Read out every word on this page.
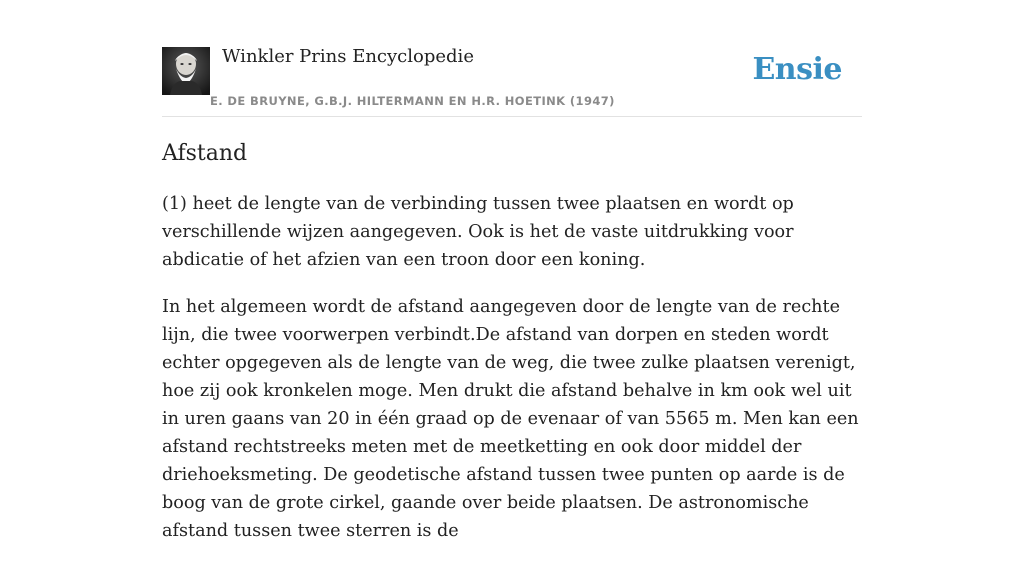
Winkler Prins Encyclopedie
E. DE BRUYNE, G.B.J. HILTERMANN EN H.R. HOETINK (1947)
Ensie
Afstand

(1) heet de lengte van de verbinding tussen twee plaatsen en wordt op verschillende wijzen aangegeven. Ook is het de vaste uitdrukking voor abdicatie of het afzien van een troon door een koning.

In het algemeen wordt de afstand aangegeven door de lengte van de rechte lijn, die twee voorwerpen verbindt.De afstand van dorpen en steden wordt echter opgegeven als de lengte van de weg, die twee zulke plaatsen verenigt, hoe zij ook kronkelen moge. Men drukt die afstand behalve in km ook wel uit in uren gaans van 20 in één graad op de evenaar of van 5565 m. Men kan een afstand rechtstreeks meten met de meetketting en ook door middel der driehoeksmeting. De geodetische afstand tussen twee punten op aarde is de boog van de grote cirkel, gaande over beide plaatsen. De astronomische afstand tussen twee sterren is de
